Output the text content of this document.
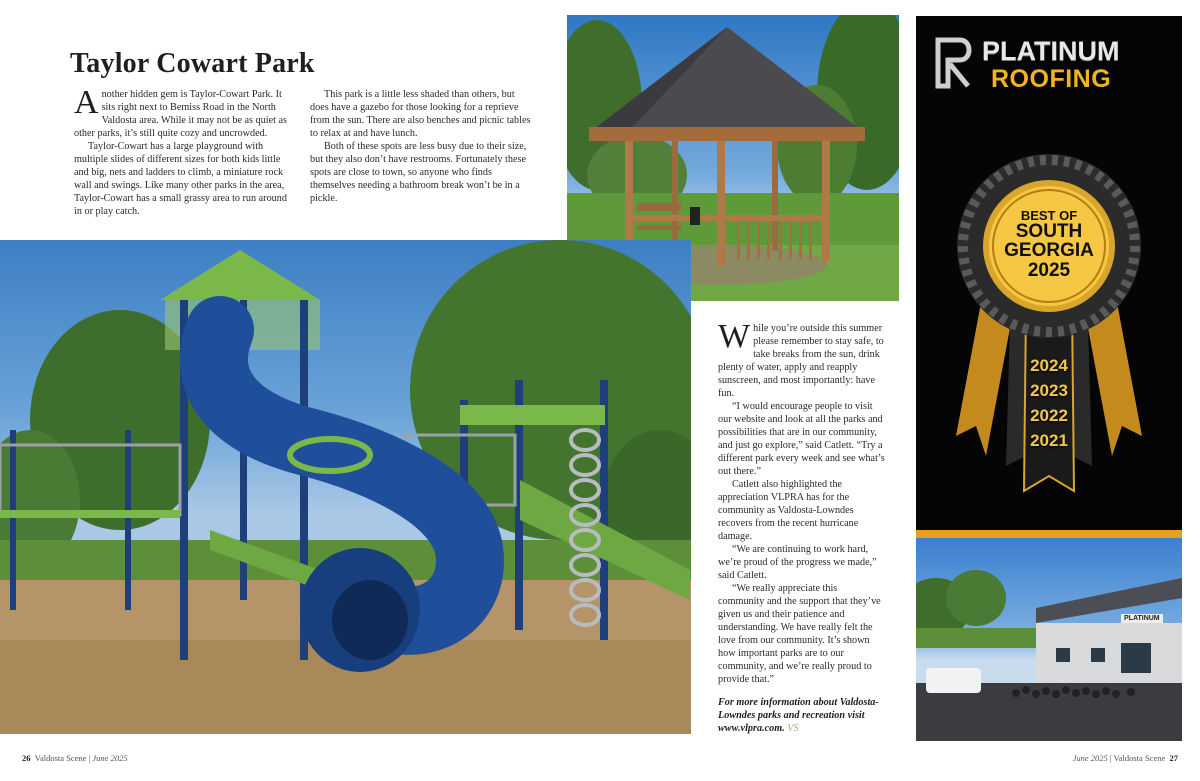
Taylor Cowart Park

Another hidden gem is Taylor-Cowart Park. It sits right next to Bemiss Road in the North Valdosta area. While it may not be as quiet as other parks, it’s still quite cozy and uncrowded.

Taylor-Cowart has a large playground with multiple slides of different sizes for both kids little and big, nets and ladders to climb, a miniature rock wall and swings. Like many other parks in the area, Taylor-Cowart has a small grassy area to run around in or play catch.

This park is a little less shaded than others, but does have a gazebo for those looking for a reprieve from the sun. There are also benches and picnic tables to relax at and have lunch.

Both of these spots are less busy due to their size, but they also don’t have restrooms. Fortunately these spots are close to town, so anyone who finds themselves needing a bathroom break won’t be in a pickle.

While you’re outside this summer please remember to stay safe, to take breaks from the sun, drink plenty of water, apply and reapply sunscreen, and most importantly: have fun.

“I would encourage people to visit our website and look at all the parks and possibilities that are in our community, and just go explore,” said Catlett. “Try a different park every week and see what’s out there.”

Catlett also highlighted the appreciation VLPRA has for the community as Valdosta-Lowndes recovers from the recent hurricane damage.

“We are continuing to work hard, we’re proud of the progress we made,” said Catlett.

“We really appreciate this community and the support that they’ve given us and their patience and understanding. We have really felt the love from our community. It’s shown how important parks are to our community, and we’re really proud to provide that.”

For more information about Valdosta-Lowndes parks and recreation visit www.vlpra.com. VS

PLATINUM
ROOFING
BEST OF
SOUTH
GEORGIA
2025
2024
2023
2022
2021
PLATINUM
26 Valdosta Scene | June 2025	June 2025 | Valdosta Scene 27
